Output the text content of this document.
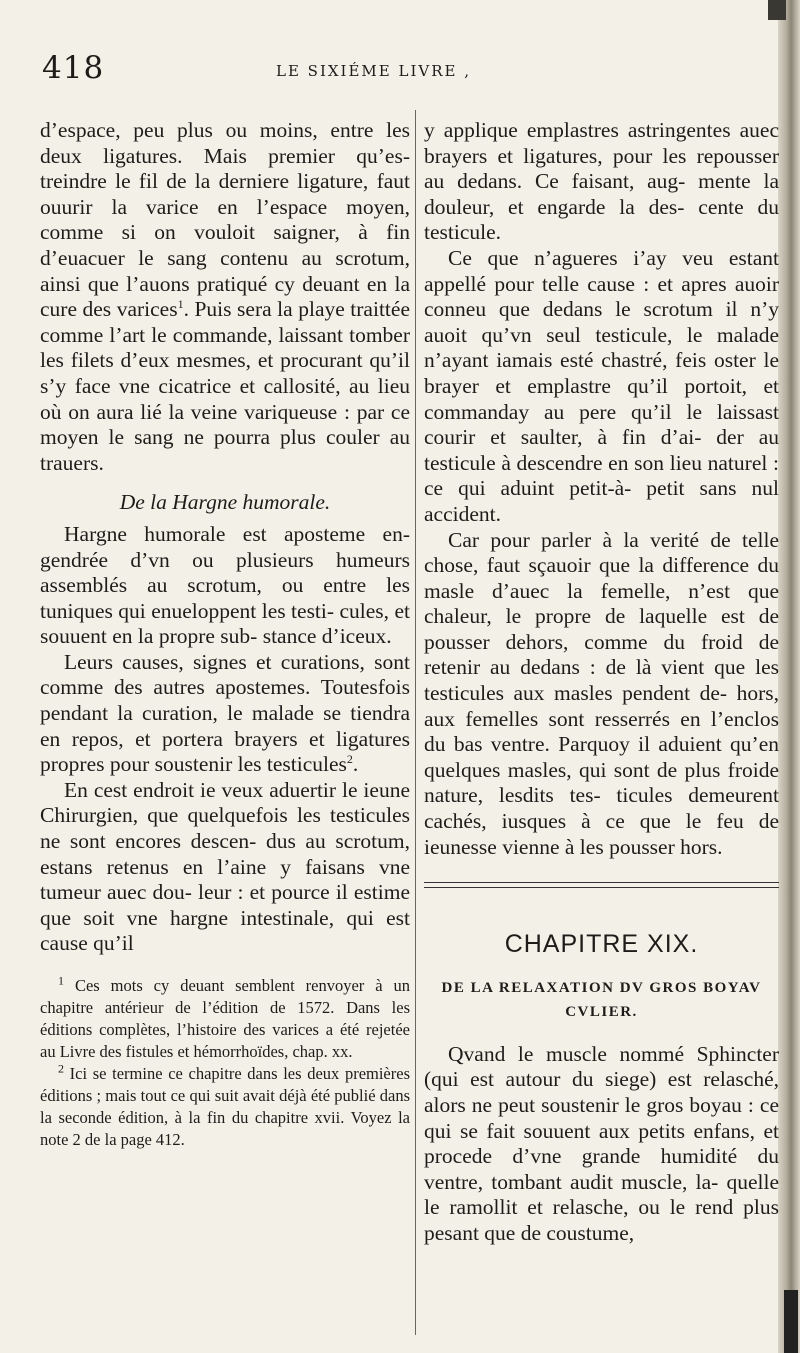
418	LE SIXIÉME LIVRE ,

d’espace, peu plus ou moins, entre les deux ligatures. Mais premier qu’es- treindre le fil de la derniere ligature, faut ouurir la varice en l’espace moyen, comme si on vouloit saigner, à fin d’euacuer le sang contenu au scrotum, ainsi que l’auons pratiqué cy deuant en la cure des varices$^1$. Puis sera la playe traittée comme l’art le commande, laissant tomber les filets d’eux mesmes, et procurant qu’il s’y face vne cicatrice et callosité, au lieu où on aura lié la veine variqueuse : par ce moyen le sang ne pourra plus couler au trauers.

De la Hargne humorale.

Hargne humorale est aposteme en- gendrée d’vn ou plusieurs humeurs assemblés au scrotum, ou entre les tuniques qui enueloppent les testi- cules, et souuent en la propre sub- stance d’iceux.

Leurs causes, signes et curations, sont comme des autres apostemes. Toutesfois pendant la curation, le malade se tiendra en repos, et portera brayers et ligatures propres pour soustenir les testicules$^2$.

En cest endroit ie veux aduertir le ieune Chirurgien, que quelquefois les testicules ne sont encores descen- dus au scrotum, estans retenus en l’aine y faisans vne tumeur auec dou- leur : et pource il estime que soit vne hargne intestinale, qui est cause qu’il

$^1$ Ces mots cy deuant semblent renvoyer à un chapitre antérieur de l’édition de 1572. Dans les éditions complètes, l’histoire des varices a été rejetée au Livre des fistules et hémorrhoïdes, chap. xx.

$^2$ Ici se termine ce chapitre dans les deux premières éditions ; mais tout ce qui suit avait déjà été publié dans la seconde édition, à la fin du chapitre xvii. Voyez la note 2 de la page 412.

y applique emplastres astringentes auec brayers et ligatures, pour les repousser au dedans. Ce faisant, aug- mente la douleur, et engarde la des- cente du testicule.

Ce que n’agueres i’ay veu estant appellé pour telle cause : et apres auoir conneu que dedans le scrotum il n’y auoit qu’vn seul testicule, le malade n’ayant iamais esté chastré, feis oster le brayer et emplastre qu’il portoit, et commanday au pere qu’il le laissast courir et saulter, à fin d’ai- der au testicule à descendre en son lieu naturel : ce qui aduint petit-à- petit sans nul accident.

Car pour parler à la verité de telle chose, faut sçauoir que la difference du masle d’auec la femelle, n’est que chaleur, le propre de laquelle est de pousser dehors, comme du froid de retenir au dedans : de là vient que les testicules aux masles pendent de- hors, aux femelles sont resserrés en l’enclos du bas ventre. Parquoy il aduient qu’en quelques masles, qui sont de plus froide nature, lesdits tes- ticules demeurent cachés, iusques à ce que le feu de ieunesse vienne à les pousser hors.

CHAPITRE XIX.
DE LA RELAXATION DV GROS BOYAV CVLIER.

Qvand le muscle nommé Sphincter (qui est autour du siege) est relasché, alors ne peut soustenir le gros boyau : ce qui se fait souuent aux petits enfans, et procede d’vne grande humidité du ventre, tombant audit muscle, la- quelle le ramollit et relasche, ou le rend plus pesant que de coustume,
